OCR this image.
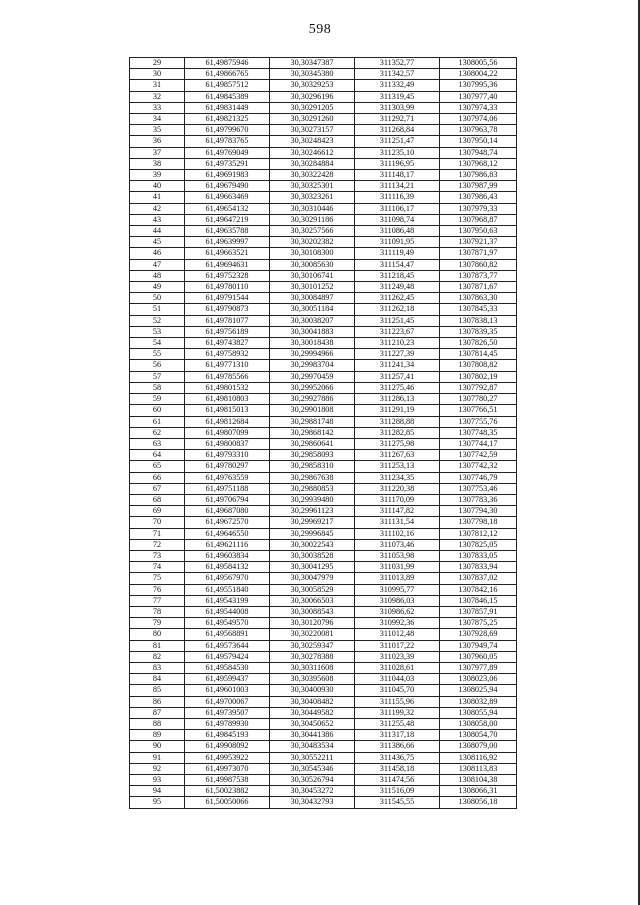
598
29	61,49875946	30,30347387	311352,77	1308005,56
30	61,49866765	30,30345380	311342,57	1308004,22
31	61,49857512	30,30329253	311332,49	1307995,36
32	61,49845389	30,30296196	311319,45	1307977,40
33	61,49831449	30,30291205	311303,99	1307974,33
34	61,49821325	30,30291260	311292,71	1307974,06
35	61,49799670	30,30273157	311268,84	1307963,78
36	61,49783765	30,30248423	311251,47	1307950,14
37	61,49769049	30,30246612	311235,10	1307948,74
38	61,49735291	30,30284884	311196,95	1307968,12
39	61,49691983	30,30322428	311148,17	1307986,83
40	61,49679490	30,30325301	311134,21	1307987,99
41	61,49663469	30,30323261	311116,39	1307986,43
42	61,49654132	30,30310446	311106,17	1307979,33
43	61,49647219	30,30291186	311098,74	1307968,87
44	61,49635788	30,30257566	311086,48	1307950,63
45	61,49639997	30,30202382	311091,95	1307921,37
46	61,49663521	30,30108300	311119,49	1307871,97
47	61,49694631	30,30085630	311154,47	1307860,82
48	61,49752328	30,30106741	311218,45	1307873,77
49	61,49780110	30,30101252	311249,48	1307871,67
50	61,49791544	30,30084897	311262,45	1307863,30
51	61,49790873	30,30051184	311262,18	1307845,33
52	61,49781077	30,30038207	311251,45	1307838,13
53	61,49756189	30,30041883	311223,67	1307839,35
54	61,49743827	30,30018438	311210,23	1307826,50
55	61,49758932	30,29994966	311227,39	1307814,45
56	61,49771310	30,29983704	311241,34	1307808,82
57	61,49785566	30,29970459	311257,41	1307802,19
58	61,49801532	30,29952066	311275,46	1307792,87
59	61,49810803	30,29927886	311286,13	1307780,27
60	61,49815013	30,29901808	311291,19	1307766,51
61	61,49812684	30,29881748	311288,88	1307755,76
62	61,49807099	30,29868142	311282,85	1307748,35
63	61,49800837	30,29860641	311275,98	1307744,17
64	61,49793310	30,29858093	311267,63	1307742,59
65	61,49780297	30,29858310	311253,13	1307742,32
66	61,49763559	30,29867638	311234,35	1307746,79
67	61,49751188	30,29880853	311220,38	1307753,46
68	61,49706794	30,29939480	311170,09	1307783,36
69	61,49687080	30,29961123	311147,82	1307794,30
70	61,49672570	30,29969217	311131,54	1307798,18
71	61,49646550	30,29996845	311102,16	1307812,12
72	61,49621116	30,30022543	311073,46	1307825,05
73	61,49603834	30,30038528	311053,98	1307833,05
74	61,49584132	30,30041295	311031,99	1307833,94
75	61,49567970	30,30047979	311013,89	1307837,02
76	61,49551840	30,30058529	310995,77	1307842,16
77	61,49543199	30,30066503	310986,03	1307846,15
78	61,49544008	30,30088543	310986,62	1307857,91
79	61,49549570	30,30120796	310992,36	1307875,25
80	61,49568891	30,30220081	311012,48	1307928,69
81	61,49573644	30,30259347	311017,22	1307949,74
82	61,49579424	30,30278388	311023,39	1307960,05
83	61,49584530	30,30311608	311028,61	1307977,89
84	61,49599437	30,30395608	311044,03	1308023,06
85	61,49601003	30,30400930	311045,70	1308025,94
86	61,49700067	30,30408482	311155,96	1308032,89
87	61,49739507	30,30449582	311199,32	1308055,94
88	61,49789930	30,30450652	311255,48	1308058,00
89	61,49845193	30,30441386	311317,18	1308054,70
90	61,49908092	30,30483534	311386,66	1308079,00
91	61,49953922	30,30552211	311436,75	1308116,92
92	61,49973070	30,30545346	311458,18	1308113,83
93	61,49987538	30,30526794	311474,56	1308104,38
94	61,50023882	30,30453272	311516,09	1308066,31
95	61,50050066	30,30432793	311545,55	1308056,18
